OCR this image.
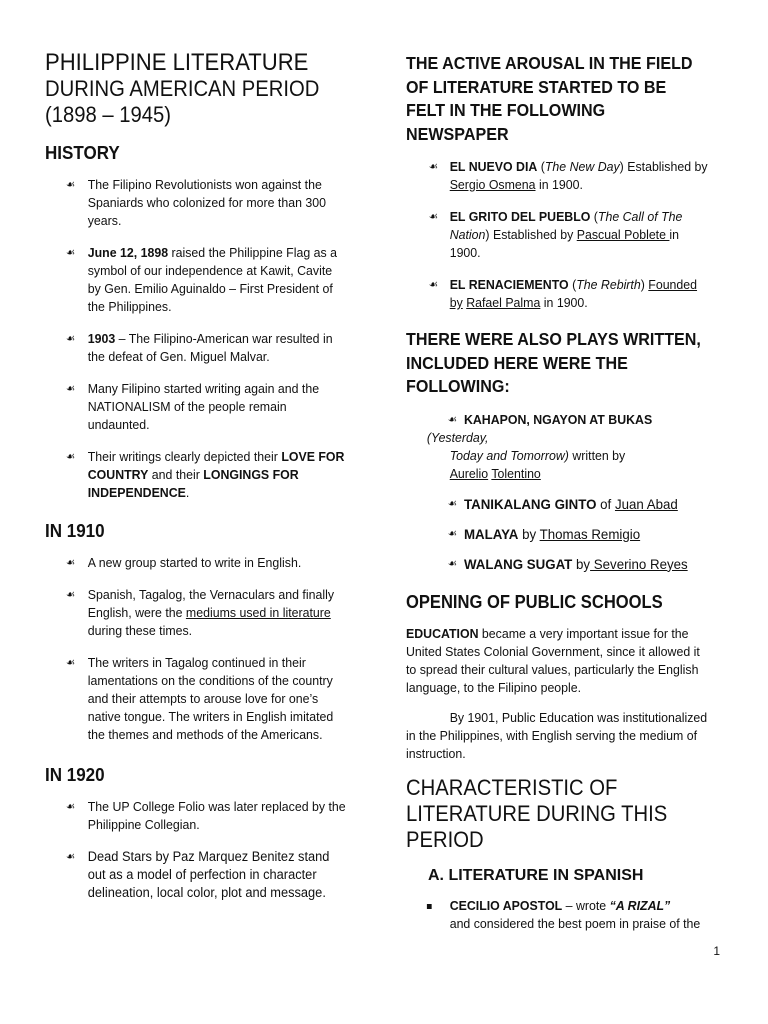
PHILIPPINE LITERATURE
DURING AMERICAN PERIOD
(1898 – 1945)
HISTORY
☙ The Filipino Revolutionists won against the Spaniards who colonized for more than 300 years.
☙ June 12, 1898 raised the Philippine Flag as a symbol of our independence at Kawit, Cavite by Gen. Emilio Aguinaldo – First President of the Philippines.
☙ 1903 – The Filipino-American war resulted in the defeat of Gen. Miguel Malvar.
☙ Many Filipino started writing again and the NATIONALISM of the people remain undaunted.
☙ Their writings clearly depicted their LOVE FOR COUNTRY and their LONGINGS FOR INDEPENDENCE.
IN 1910
☙ A new group started to write in English.
☙ Spanish, Tagalog, the Vernaculars and finally English, were the mediums used in literature during these times.
☙ The writers in Tagalog continued in their lamentations on the conditions of the country and their attempts to arouse love for one’s native tongue. The writers in English imitated the themes and methods of the Americans.
IN 1920
☙ The UP College Folio was later replaced by the Philippine Collegian.
☙ Dead Stars by Paz Marquez Benitez stand out as a model of perfection in character delineation, local color, plot and message.
THE ACTIVE AROUSAL IN THE FIELD OF LITERATURE STARTED TO BE FELT IN THE FOLLOWING NEWSPAPER
☙ EL NUEVO DIA (The New Day) Established by Sergio Osmena in 1900.
☙ EL GRITO DEL PUEBLO (The Call of The Nation) Established by Pascual Poblete in 1900.
☙ EL RENACIEMENTO (The Rebirth) Founded by Rafael Palma in 1900.
THERE WERE ALSO PLAYS WRITTEN, INCLUDED HERE WERE THE FOLLOWING:
☙ KAHAPON, NGAYON AT BUKAS
(Yesterday,
Today and Tomorrow) written by
Aurelio Tolentino
☙ TANIKALANG GINTO of Juan Abad
☙ MALAYA by Thomas Remigio
☙ WALANG SUGAT by Severino Reyes
OPENING OF PUBLIC SCHOOLS

EDUCATION became a very important issue for the United States Colonial Government, since it allowed it to spread their cultural values, particularly the English language, to the Filipino people.

By 1901, Public Education was institutionalized in the Philippines, with English serving the medium of instruction.

CHARACTERISTIC OF LITERATURE DURING THIS PERIOD
A. LITERATURE IN SPANISH
CECILIO APOSTOL – wrote “A RIZAL”
and considered the best poem in praise of the
1
